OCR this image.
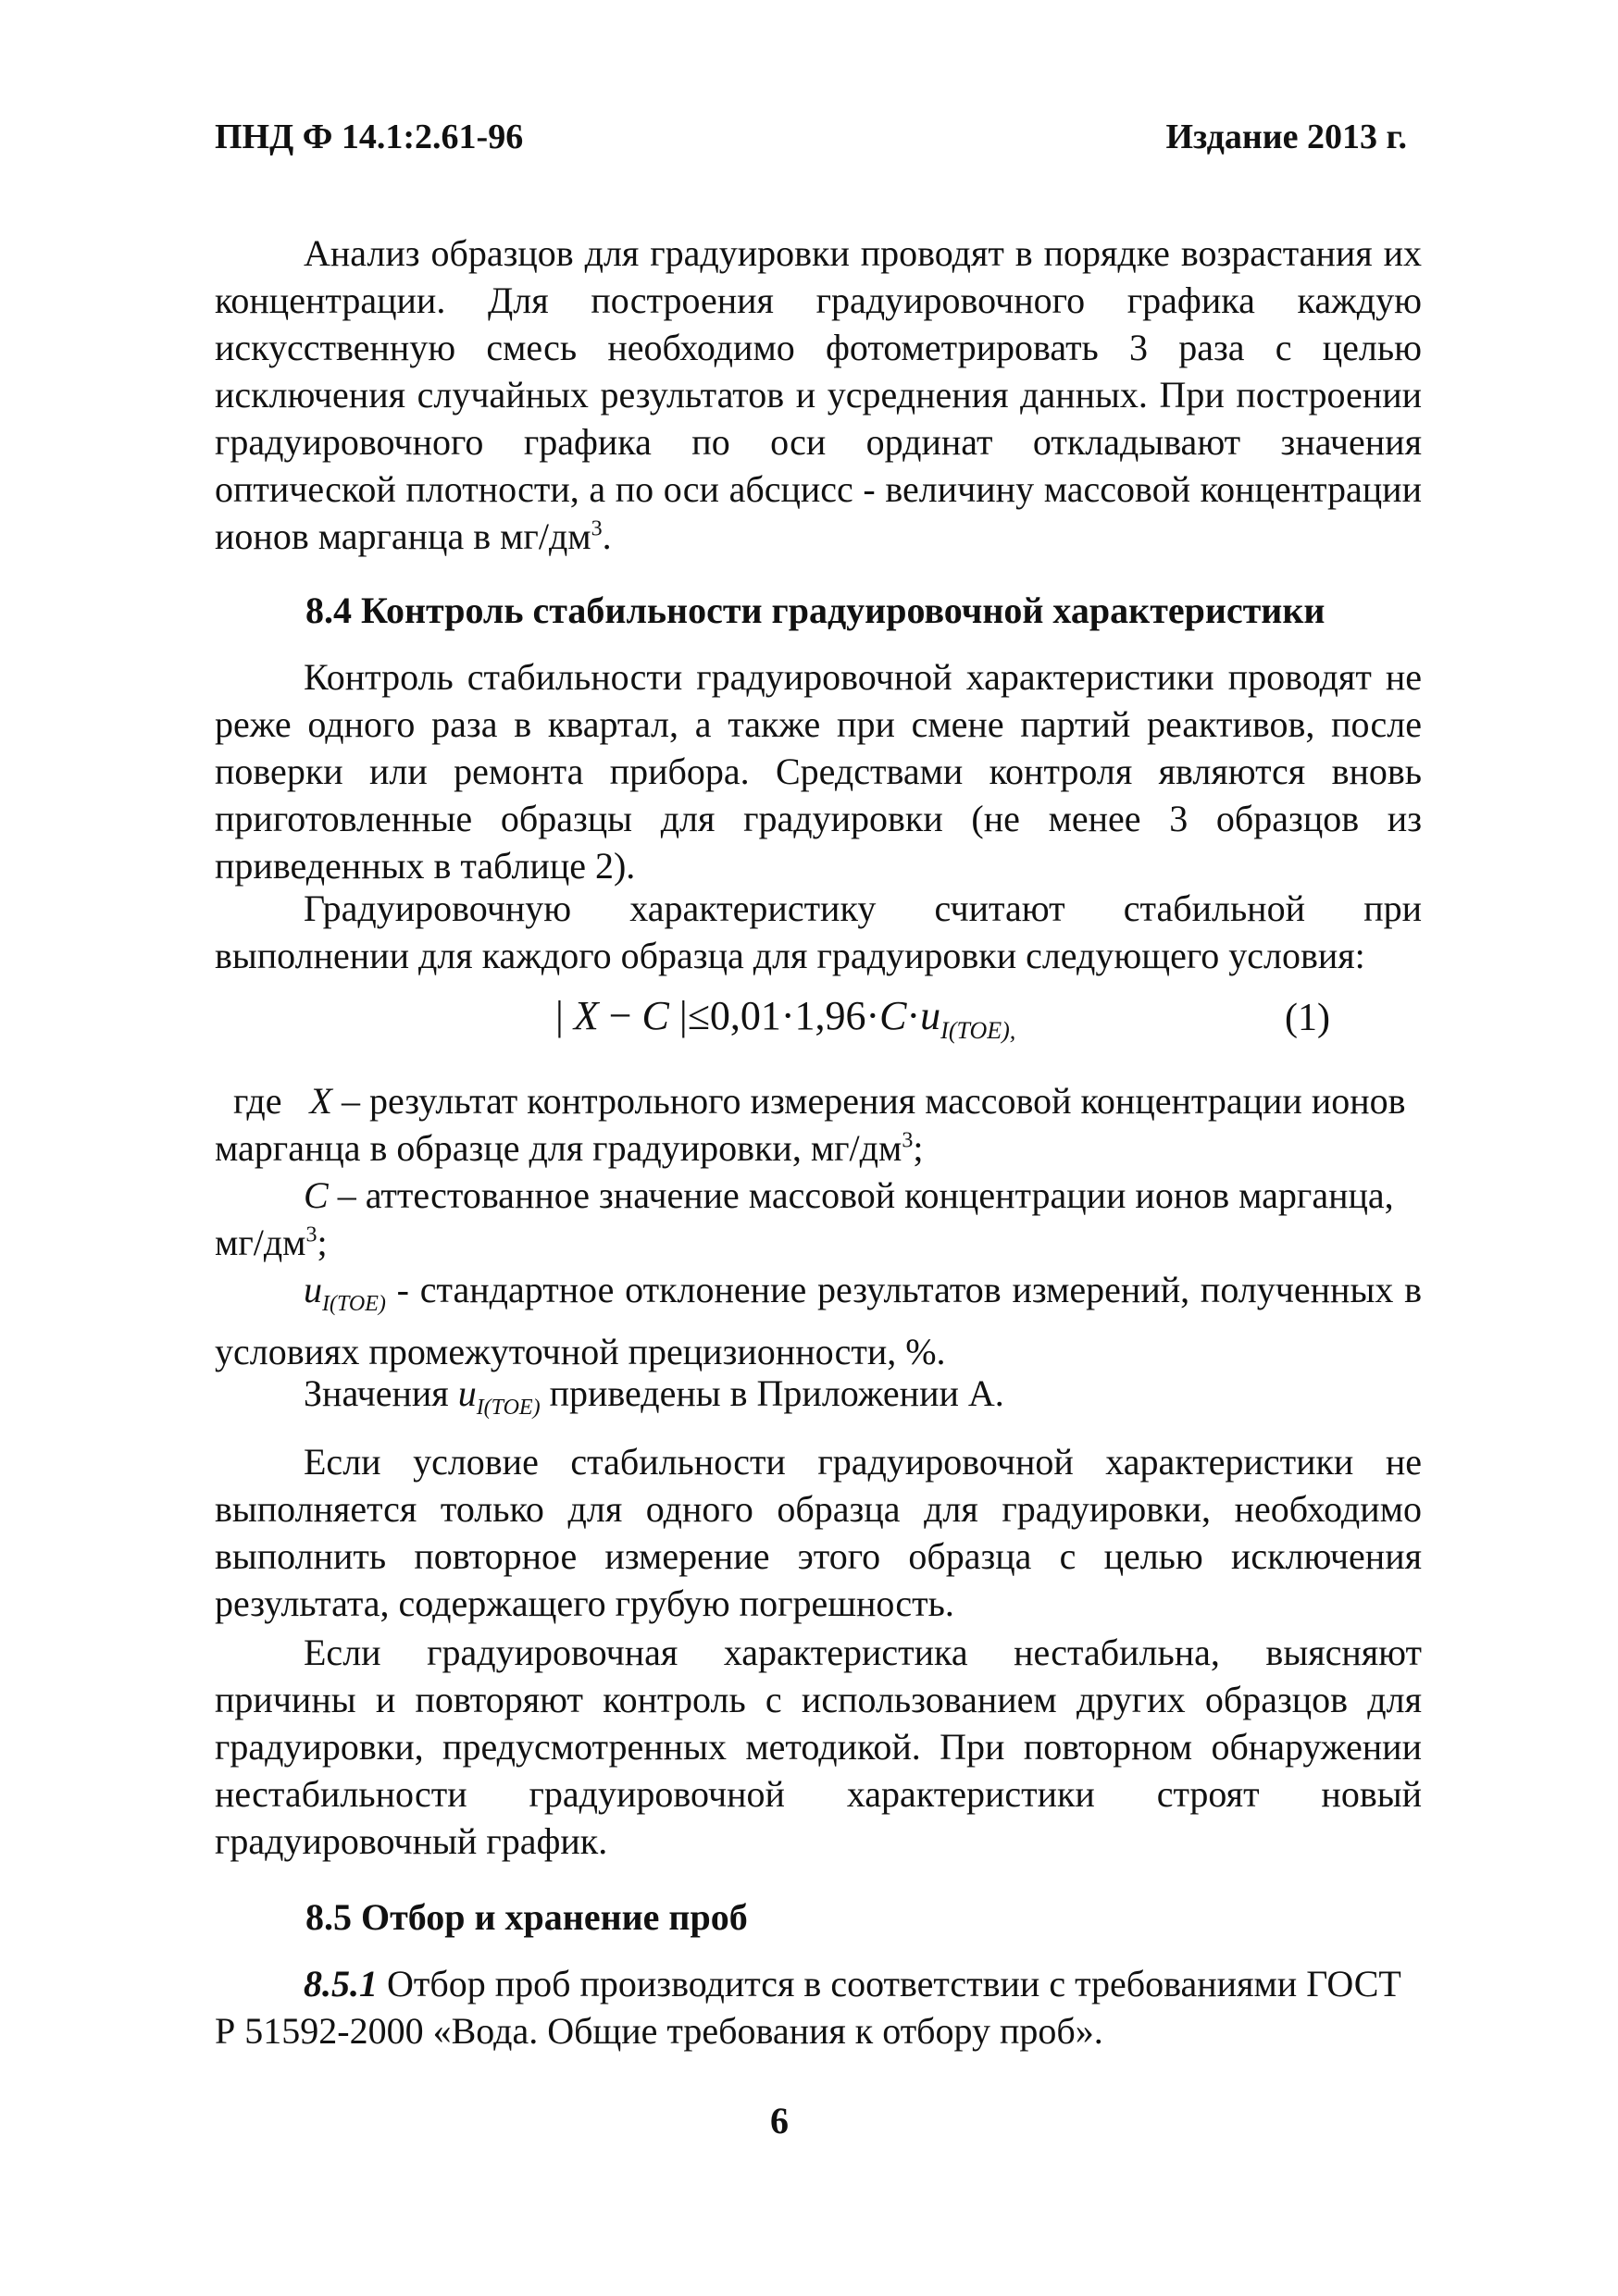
ПНД Ф 14.1:2.61-96	Издание 2013 г.
Анализ образцов для градуировки проводят в порядке возрастания их концентрации. Для построения градуировочного графика каждую искусственную смесь необходимо фотометрировать 3 раза с целью исключения случайных результатов и усреднения данных. При построении градуировочного графика по оси ординат откладывают значения оптической плотности, а по оси абсцисс - величину массовой концентрации ионов марганца в $мг/дм^3$.
8.4 Контроль стабильности градуировочной характеристики
Контроль стабильности градуировочной характеристики проводят не реже одного раза в квартал, а также при смене партий реактивов, после поверки или ремонта прибора. Средствами контроля являются вновь приготовленные образцы для градуировки (не менее 3 образцов из приведенных в таблице 2).
Градуировочную характеристику считают стабильной при выполнении для каждого образца для градуировки следующего условия:
| X − C $|\le 0,01\cdot 1,96\cdot C\cdot u_{I(TOE),}$	(1)
где X – результат контрольного измерения массовой концентрации ионов марганца в образце для градуировки, $мг/дм^3$;
C – аттестованное значение массовой концентрации ионов марганца, $мг/дм^3$;
$u_{I(TOE)}$ - стандартное отклонение результатов измерений, полученных в условиях промежуточной прецизионности, %.
Значения $u_{I(TOE)}$ приведены в Приложении А.
Если условие стабильности градуировочной характеристики не выполняется только для одного образца для градуировки, необходимо выполнить повторное измерение этого образца с целью исключения результата, содержащего грубую погрешность.
Если градуировочная характеристика нестабильна, выясняют причины и повторяют контроль с использованием других образцов для градуировки, предусмотренных методикой. При повторном обнаружении нестабильности градуировочной характеристики строят новый градуировочный график.
8.5 Отбор и хранение проб
8.5.1 Отбор проб производится в соответствии с требованиями ГОСТ Р 51592-2000 «Вода. Общие требования к отбору проб».
6
